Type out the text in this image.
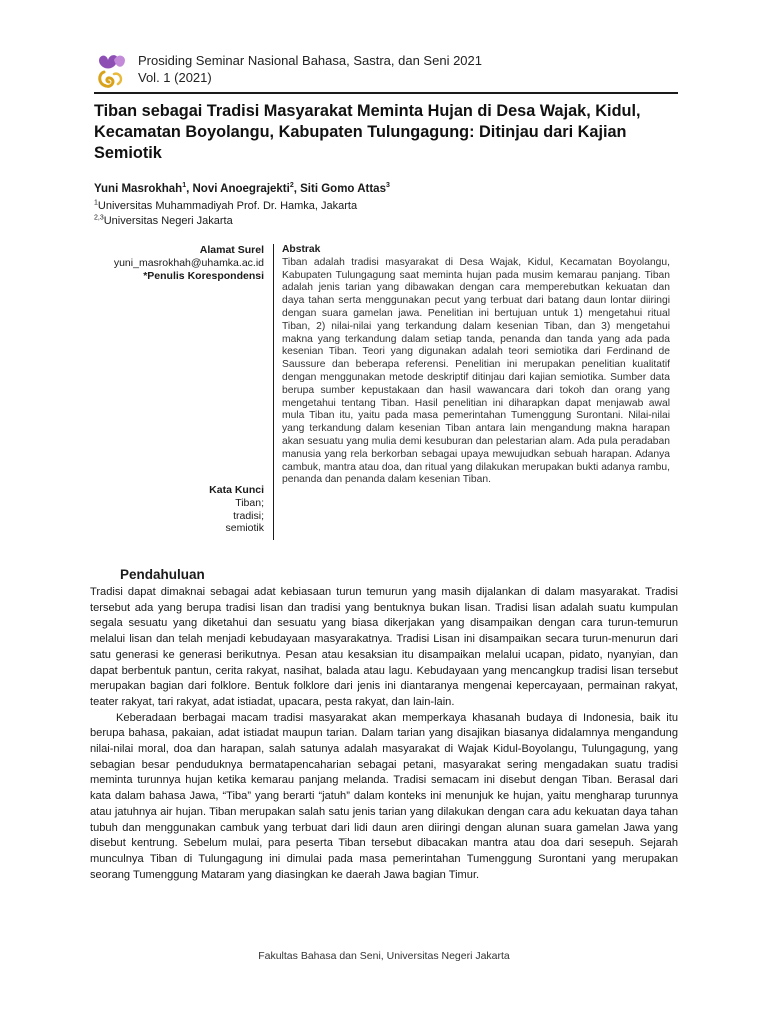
Prosiding Seminar Nasional Bahasa, Sastra, dan Seni 2021
Vol. 1 (2021)
Tiban sebagai Tradisi Masyarakat Meminta Hujan di Desa Wajak, Kidul, Kecamatan Boyolangu, Kabupaten Tulungagung: Ditinjau dari Kajian Semiotik
Yuni Masrokhah$^1$, Novi Anoegrajekti$^2$, Siti Gomo Attas$^3$
$^1$Universitas Muhammadiyah Prof. Dr. Hamka, Jakarta
$^{2,3}$Universitas Negeri Jakarta
Alamat Surel
yuni_masrokhah@uhamka.ac.id
*Penulis Korespondensi
Kata Kunci
Tiban;
tradisi;
semiotik
Abstrak

Tiban adalah tradisi masyarakat di Desa Wajak, Kidul, Kecamatan Boyolangu, Kabupaten Tulungagung saat meminta hujan pada musim kemarau panjang. Tiban adalah jenis tarian yang dibawakan dengan cara memperebutkan kekuatan dan daya tahan serta menggunakan pecut yang terbuat dari batang daun lontar diiringi dengan suara gamelan jawa. Penelitian ini bertujuan untuk 1) mengetahui ritual Tiban, 2) nilai-nilai yang terkandung dalam kesenian Tiban, dan 3) mengetahui makna yang terkandung dalam setiap tanda, penanda dan tanda yang ada pada kesenian Tiban. Teori yang digunakan adalah teori semiotika dari Ferdinand de Saussure dan beberapa referensi. Penelitian ini merupakan penelitian kualitatif dengan menggunakan metode deskriptif ditinjau dari kajian semiotika. Sumber data berupa sumber kepustakaan dan hasil wawancara dari tokoh dan orang yang mengetahui tentang Tiban. Hasil penelitian ini diharapkan dapat menjawab awal mula Tiban itu, yaitu pada masa pemerintahan Tumenggung Surontani. Nilai-nilai yang terkandung dalam kesenian Tiban antara lain mengandung makna harapan akan sesuatu yang mulia demi kesuburan dan pelestarian alam. Ada pula peradaban manusia yang rela berkorban sebagai upaya mewujudkan sebuah harapan. Adanya cambuk, mantra atau doa, dan ritual yang dilakukan merupakan bukti adanya rambu, penanda dan penanda dalam kesenian Tiban.

Pendahuluan

Tradisi dapat dimaknai sebagai adat kebiasaan turun temurun yang masih dijalankan di dalam masyarakat. Tradisi tersebut ada yang berupa tradisi lisan dan tradisi yang bentuknya bukan lisan. Tradisi lisan adalah suatu kumpulan segala sesuatu yang diketahui dan sesuatu yang biasa dikerjakan yang disampaikan dengan cara turun-temurun melalui lisan dan telah menjadi kebudayaan masyarakatnya. Tradisi Lisan ini disampaikan secara turun-menurun dari satu generasi ke generasi berikutnya. Pesan atau kesaksian itu disampaikan melalui ucapan, pidato, nyanyian, dan dapat berbentuk pantun, cerita rakyat, nasihat, balada atau lagu. Kebudayaan yang mencangkup tradisi lisan tersebut merupakan bagian dari folklore. Bentuk folklore dari jenis ini diantaranya mengenai kepercayaan, permainan rakyat, teater rakyat, tari rakyat, adat istiadat, upacara, pesta rakyat, dan lain-lain.

Keberadaan berbagai macam tradisi masyarakat akan memperkaya khasanah budaya di Indonesia, baik itu berupa bahasa, pakaian, adat istiadat maupun tarian. Dalam tarian yang disajikan biasanya didalamnya mengandung nilai-nilai moral, doa dan harapan, salah satunya adalah masyarakat di Wajak Kidul-Boyolangu, Tulungagung, yang sebagian besar penduduknya bermatapencaharian sebagai petani, masyarakat sering mengadakan suatu tradisi meminta turunnya hujan ketika kemarau panjang melanda. Tradisi semacam ini disebut dengan Tiban. Berasal dari kata dalam bahasa Jawa, “Tiba” yang berarti “jatuh” dalam konteks ini menunjuk ke hujan, yaitu mengharap turunnya atau jatuhnya air hujan. Tiban merupakan salah satu jenis tarian yang dilakukan dengan cara adu kekuatan daya tahan tubuh dan menggunakan cambuk yang terbuat dari lidi daun aren diiringi dengan alunan suara gamelan Jawa yang disebut kentrung. Sebelum mulai, para peserta Tiban tersebut dibacakan mantra atau doa dari sesepuh. Sejarah munculnya Tiban di Tulungagung ini dimulai pada masa pemerintahan Tumenggung Surontani yang merupakan seorang Tumenggung Mataram yang diasingkan ke daerah Jawa bagian Timur.

Fakultas Bahasa dan Seni, Universitas Negeri Jakarta
